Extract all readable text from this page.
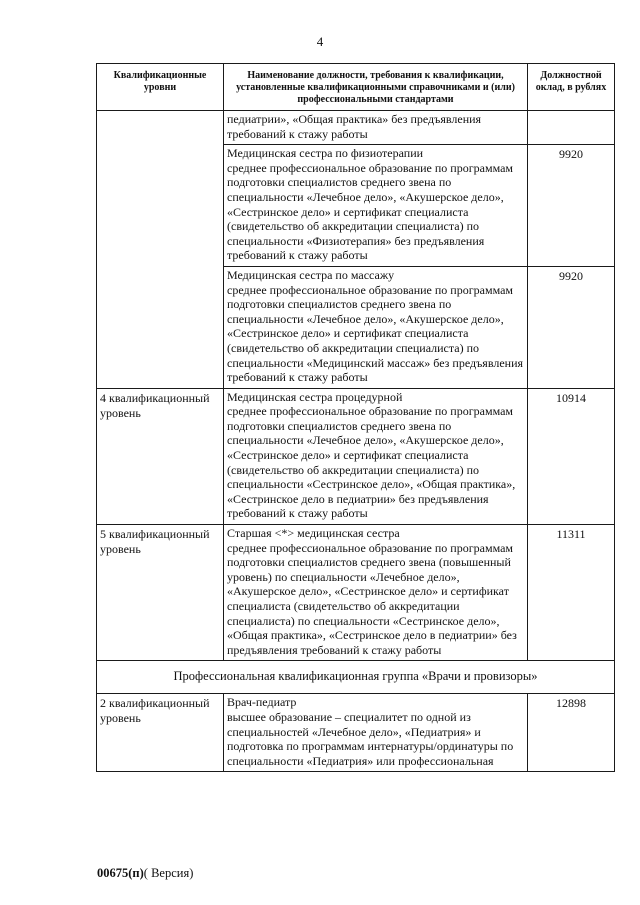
4
Квалификационные уровни	Наименование должности, требования к квалификации, установленные квалификационными справочниками и (или) профессиональными стандартами	Должностной оклад, в рублях

	педиатрии», «Общая практика» без предъявления требований к стажу работы	

	Медицинская сестра по физиотерапии
среднее профессиональное образование по программам подготовки специалистов среднего звена по специальности «Лечебное дело», «Акушерское дело», «Сестринское дело» и сертификат специалиста (свидетельство об аккредитации специалиста) по специальности «Физиотерапия» без предъявления требований к стажу работы	9920

	Медицинская сестра по массажу
среднее профессиональное образование по программам подготовки специалистов среднего звена по специальности «Лечебное дело», «Акушерское дело», «Сестринское дело» и сертификат специалиста (свидетельство об аккредитации специалиста) по специальности «Медицинский массаж» без предъявления требований к стажу работы	9920
4 квалификационный уровень	Медицинская сестра процедурной
среднее профессиональное образование по программам подготовки специалистов среднего звена по специальности «Лечебное дело», «Акушерское дело», «Сестринское дело» и сертификат специалиста (свидетельство об аккредитации специалиста) по специальности «Сестринское дело», «Общая практика», «Сестринское дело в педиатрии» без предъявления требований к стажу работы	10914
5 квалификационный уровень	Старшая <*> медицинская сестра
среднее профессиональное образование по программам подготовки специалистов среднего звена (повышенный уровень) по специальности «Лечебное дело», «Акушерское дело», «Сестринское дело» и сертификат специалиста (свидетельство об аккредитации специалиста) по специальности «Сестринское дело», «Общая практика», «Сестринское дело в педиатрии» без предъявления требований к стажу работы	11311
Профессиональная квалификационная группа «Врачи и провизоры»		
2 квалификационный уровень	Врач-педиатр
высшее образование – специалитет по одной из специальностей «Лечебное дело», «Педиатрия» и подготовка по программам интернатуры/ординатуры по специальности «Педиатрия» или профессиональная	12898
00675(п)( Версия)
